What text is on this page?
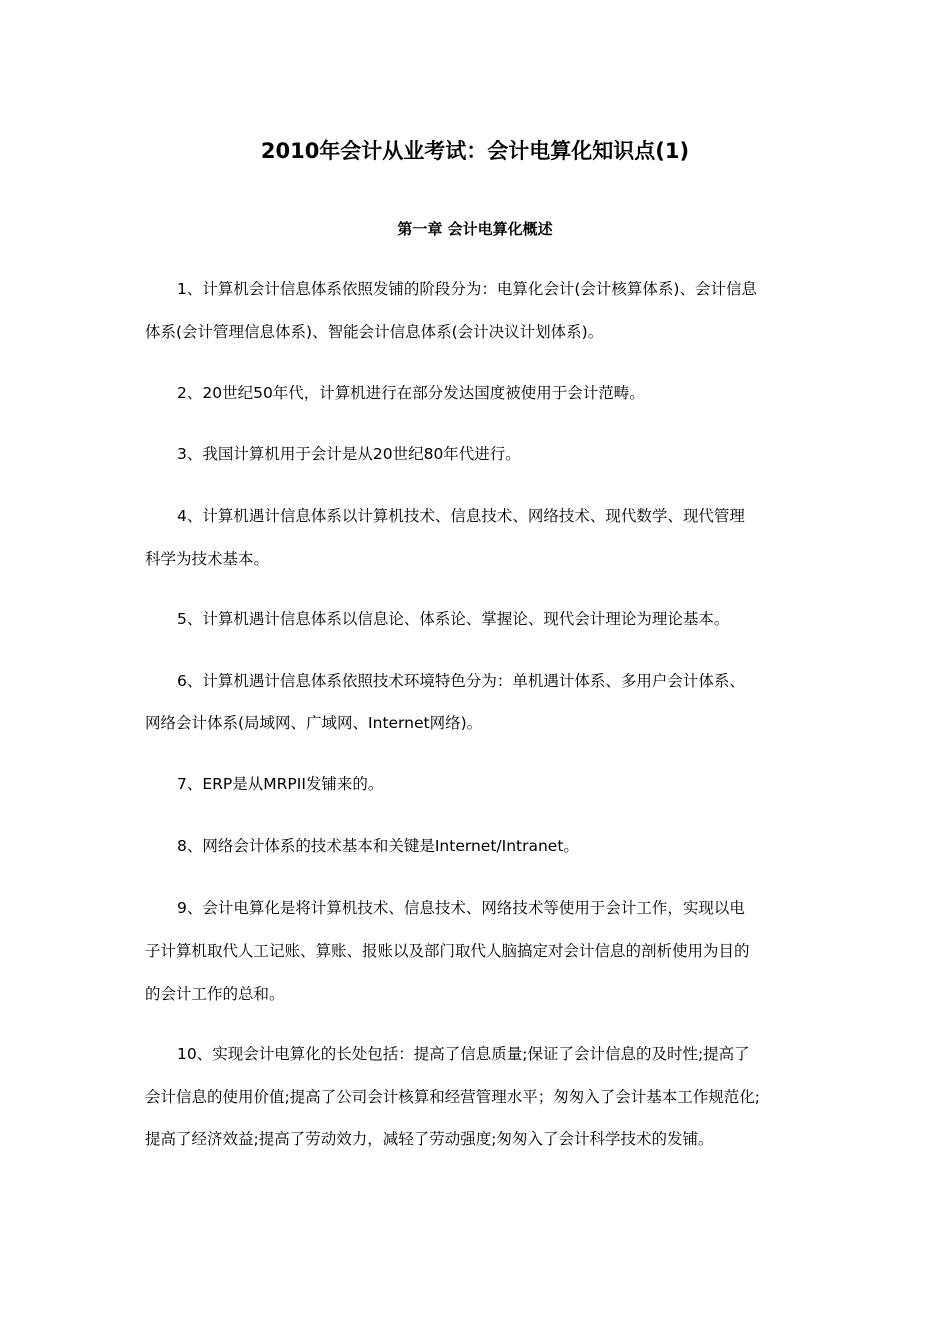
2010年会计从业考试：会计电算化知识点(1)
第一章 会计电算化概述
1、计算机会计信息体系依照发铺的阶段分为：电算化会计(会计核算体系)、会计信息
体系(会计管理信息体系)、智能会计信息体系(会计决议计划体系)。
2、20世纪50年代，计算机进行在部分发达国度被使用于会计范畴。
3、我国计算机用于会计是从20世纪80年代进行。
4、计算机遇计信息体系以计算机技术、信息技术、网络技术、现代数学、现代管理
科学为技术基本。
5、计算机遇计信息体系以信息论、体系论、掌握论、现代会计理论为理论基本。
6、计算机遇计信息体系依照技术环境特色分为：单机遇计体系、多用户会计体系、
网络会计体系(局域网、广域网、Internet网络)。
7、ERP是从MRPII发铺来的。
8、网络会计体系的技术基本和关键是Internet/Intranet。
9、会计电算化是将计算机技术、信息技术、网络技术等使用于会计工作，实现以电
子计算机取代人工记账、算账、报账以及部门取代人脑搞定对会计信息的剖析使用为目的
的会计工作的总和。
10、实现会计电算化的长处包括：提高了信息质量;保证了会计信息的及时性;提高了
会计信息的使用价值;提高了公司会计核算和经营管理水平；匆匆入了会计基本工作规范化;
提高了经济效益;提高了劳动效力，减轻了劳动强度;匆匆入了会计科学技术的发铺。
